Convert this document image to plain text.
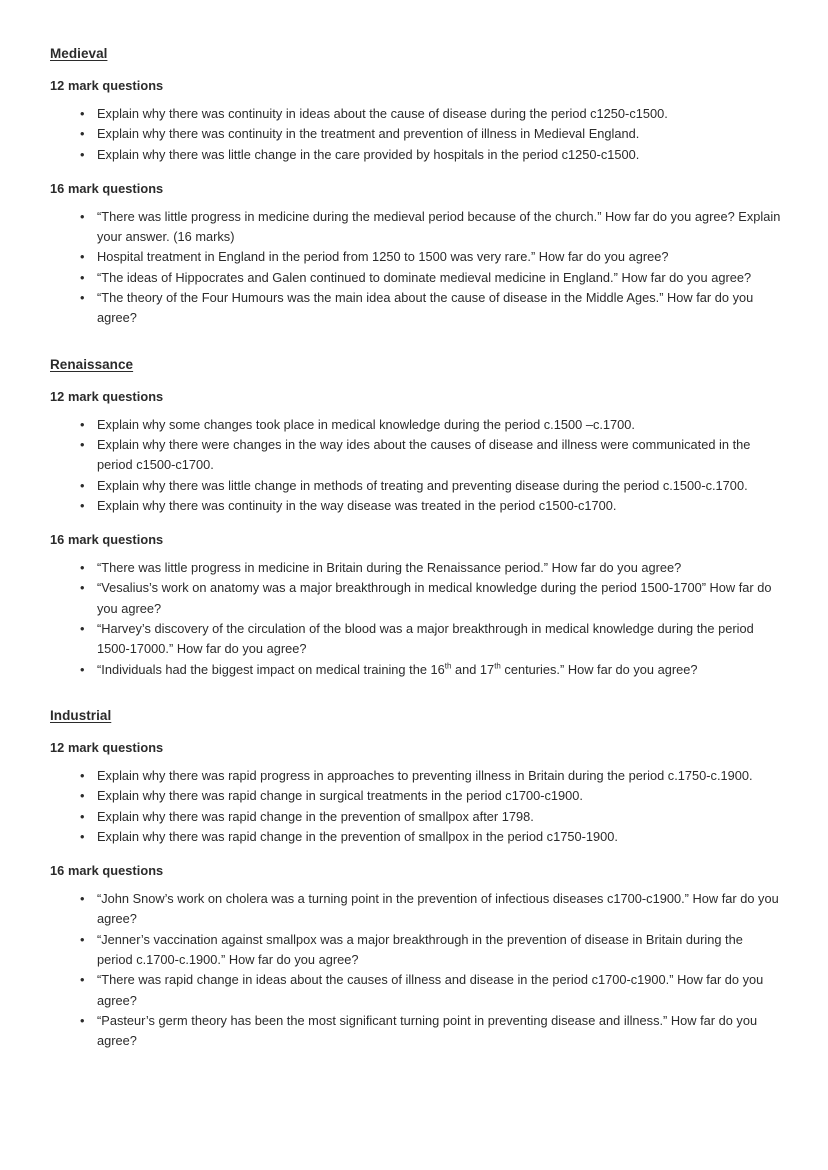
Medieval
12 mark questions
• Explain why there was continuity in ideas about the cause of disease during the period c1250-c1500.
• Explain why there was continuity in the treatment and prevention of illness in Medieval England.
• Explain why there was little change in the care provided by hospitals in the period c1250-c1500.
16 mark questions
• “There was little progress in medicine during the medieval period because of the church.” How far do you agree? Explain your answer. (16 marks)
• Hospital treatment in England in the period from 1250 to 1500 was very rare.” How far do you agree?
• “The ideas of Hippocrates and Galen continued to dominate medieval medicine in England.” How far do you agree?
• “The theory of the Four Humours was the main idea about the cause of disease in the Middle Ages.” How far do you agree?
Renaissance
12 mark questions
• Explain why some changes took place in medical knowledge during the period c.1500 –c.1700.
• Explain why there were changes in the way ides about the causes of disease and illness were communicated in the period c1500-c1700.
• Explain why there was little change in methods of treating and preventing disease during the period c.1500-c.1700.
• Explain why there was continuity in the way disease was treated in the period c1500-c1700.
16 mark questions
• “There was little progress in medicine in Britain during the Renaissance period.” How far do you agree?
• “Vesalius’s work on anatomy was a major breakthrough in medical knowledge during the period 1500-1700” How far do you agree?
• “Harvey’s discovery of the circulation of the blood was a major breakthrough in medical knowledge during the period 1500-17000.” How far do you agree?
• “Individuals had the biggest impact on medical training the 16th and 17th centuries.” How far do you agree?
Industrial
12 mark questions
• Explain why there was rapid progress in approaches to preventing illness in Britain during the period c.1750-c.1900.
• Explain why there was rapid change in surgical treatments in the period c1700-c1900.
• Explain why there was rapid change in the prevention of smallpox after 1798.
• Explain why there was rapid change in the prevention of smallpox in the period c1750-1900.
16 mark questions
• “John Snow’s work on cholera was a turning point in the prevention of infectious diseases c1700-c1900.” How far do you agree?
• “Jenner’s vaccination against smallpox was a major breakthrough in the prevention of disease in Britain during the period c.1700-c.1900.” How far do you agree?
• “There was rapid change in ideas about the causes of illness and disease in the period c1700-c1900.” How far do you agree?
• “Pasteur’s germ theory has been the most significant turning point in preventing disease and illness.” How far do you agree?
